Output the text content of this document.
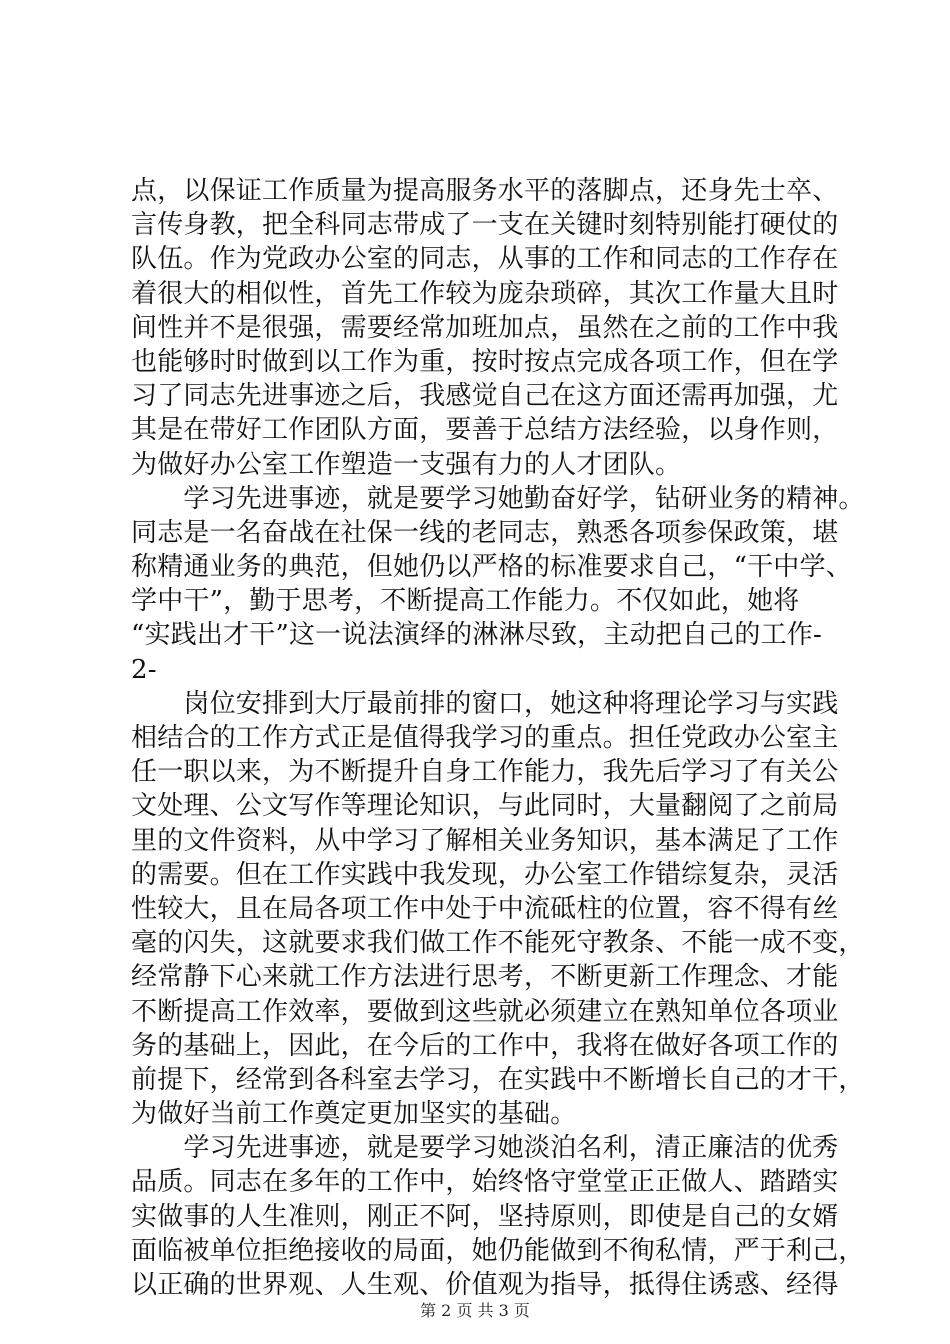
点，以保证工作质量为提高服务水平的落脚点，还身先士卒、
言传身教，把全科同志带成了一支在关键时刻特别能打硬仗的
队伍。作为党政办公室的同志，从事的工作和同志的工作存在
着很大的相似性，首先工作较为庞杂琐碎，其次工作量大且时
间性并不是很强，需要经常加班加点，虽然在之前的工作中我
也能够时时做到以工作为重，按时按点完成各项工作，但在学
习了同志先进事迹之后，我感觉自己在这方面还需再加强，尤
其是在带好工作团队方面，要善于总结方法经验，以身作则，
为做好办公室工作塑造一支强有力的人才团队。
　　学习先进事迹，就是要学习她勤奋好学，钻研业务的精神。
同志是一名奋战在社保一线的老同志，熟悉各项参保政策，堪
称精通业务的典范，但她仍以严格的标准要求自己，“干中学、
学中干”，勤于思考，不断提高工作能力。不仅如此，她将
“实践出才干”这一说法演绎的淋淋尽致，主动把自己的工作-
2-
　　岗位安排到大厅最前排的窗口，她这种将理论学习与实践
相结合的工作方式正是值得我学习的重点。担任党政办公室主
任一职以来，为不断提升自身工作能力，我先后学习了有关公
文处理、公文写作等理论知识，与此同时，大量翻阅了之前局
里的文件资料，从中学习了解相关业务知识，基本满足了工作
的需要。但在工作实践中我发现，办公室工作错综复杂，灵活
性较大，且在局各项工作中处于中流砥柱的位置，容不得有丝
毫的闪失，这就要求我们做工作不能死守教条、不能一成不变，
经常静下心来就工作方法进行思考，不断更新工作理念、才能
不断提高工作效率，要做到这些就必须建立在熟知单位各项业
务的基础上，因此，在今后的工作中，我将在做好各项工作的
前提下，经常到各科室去学习，在实践中不断增长自己的才干，
为做好当前工作奠定更加坚实的基础。
　　学习先进事迹，就是要学习她淡泊名利，清正廉洁的优秀
品质。同志在多年的工作中，始终恪守堂堂正正做人、踏踏实
实做事的人生准则，刚正不阿，坚持原则，即使是自己的女婿
面临被单位拒绝接收的局面，她仍能做到不徇私情，严于利己，
以正确的世界观、人生观、价值观为指导，抵得住诱惑、经得
第 2 页 共 3 页
